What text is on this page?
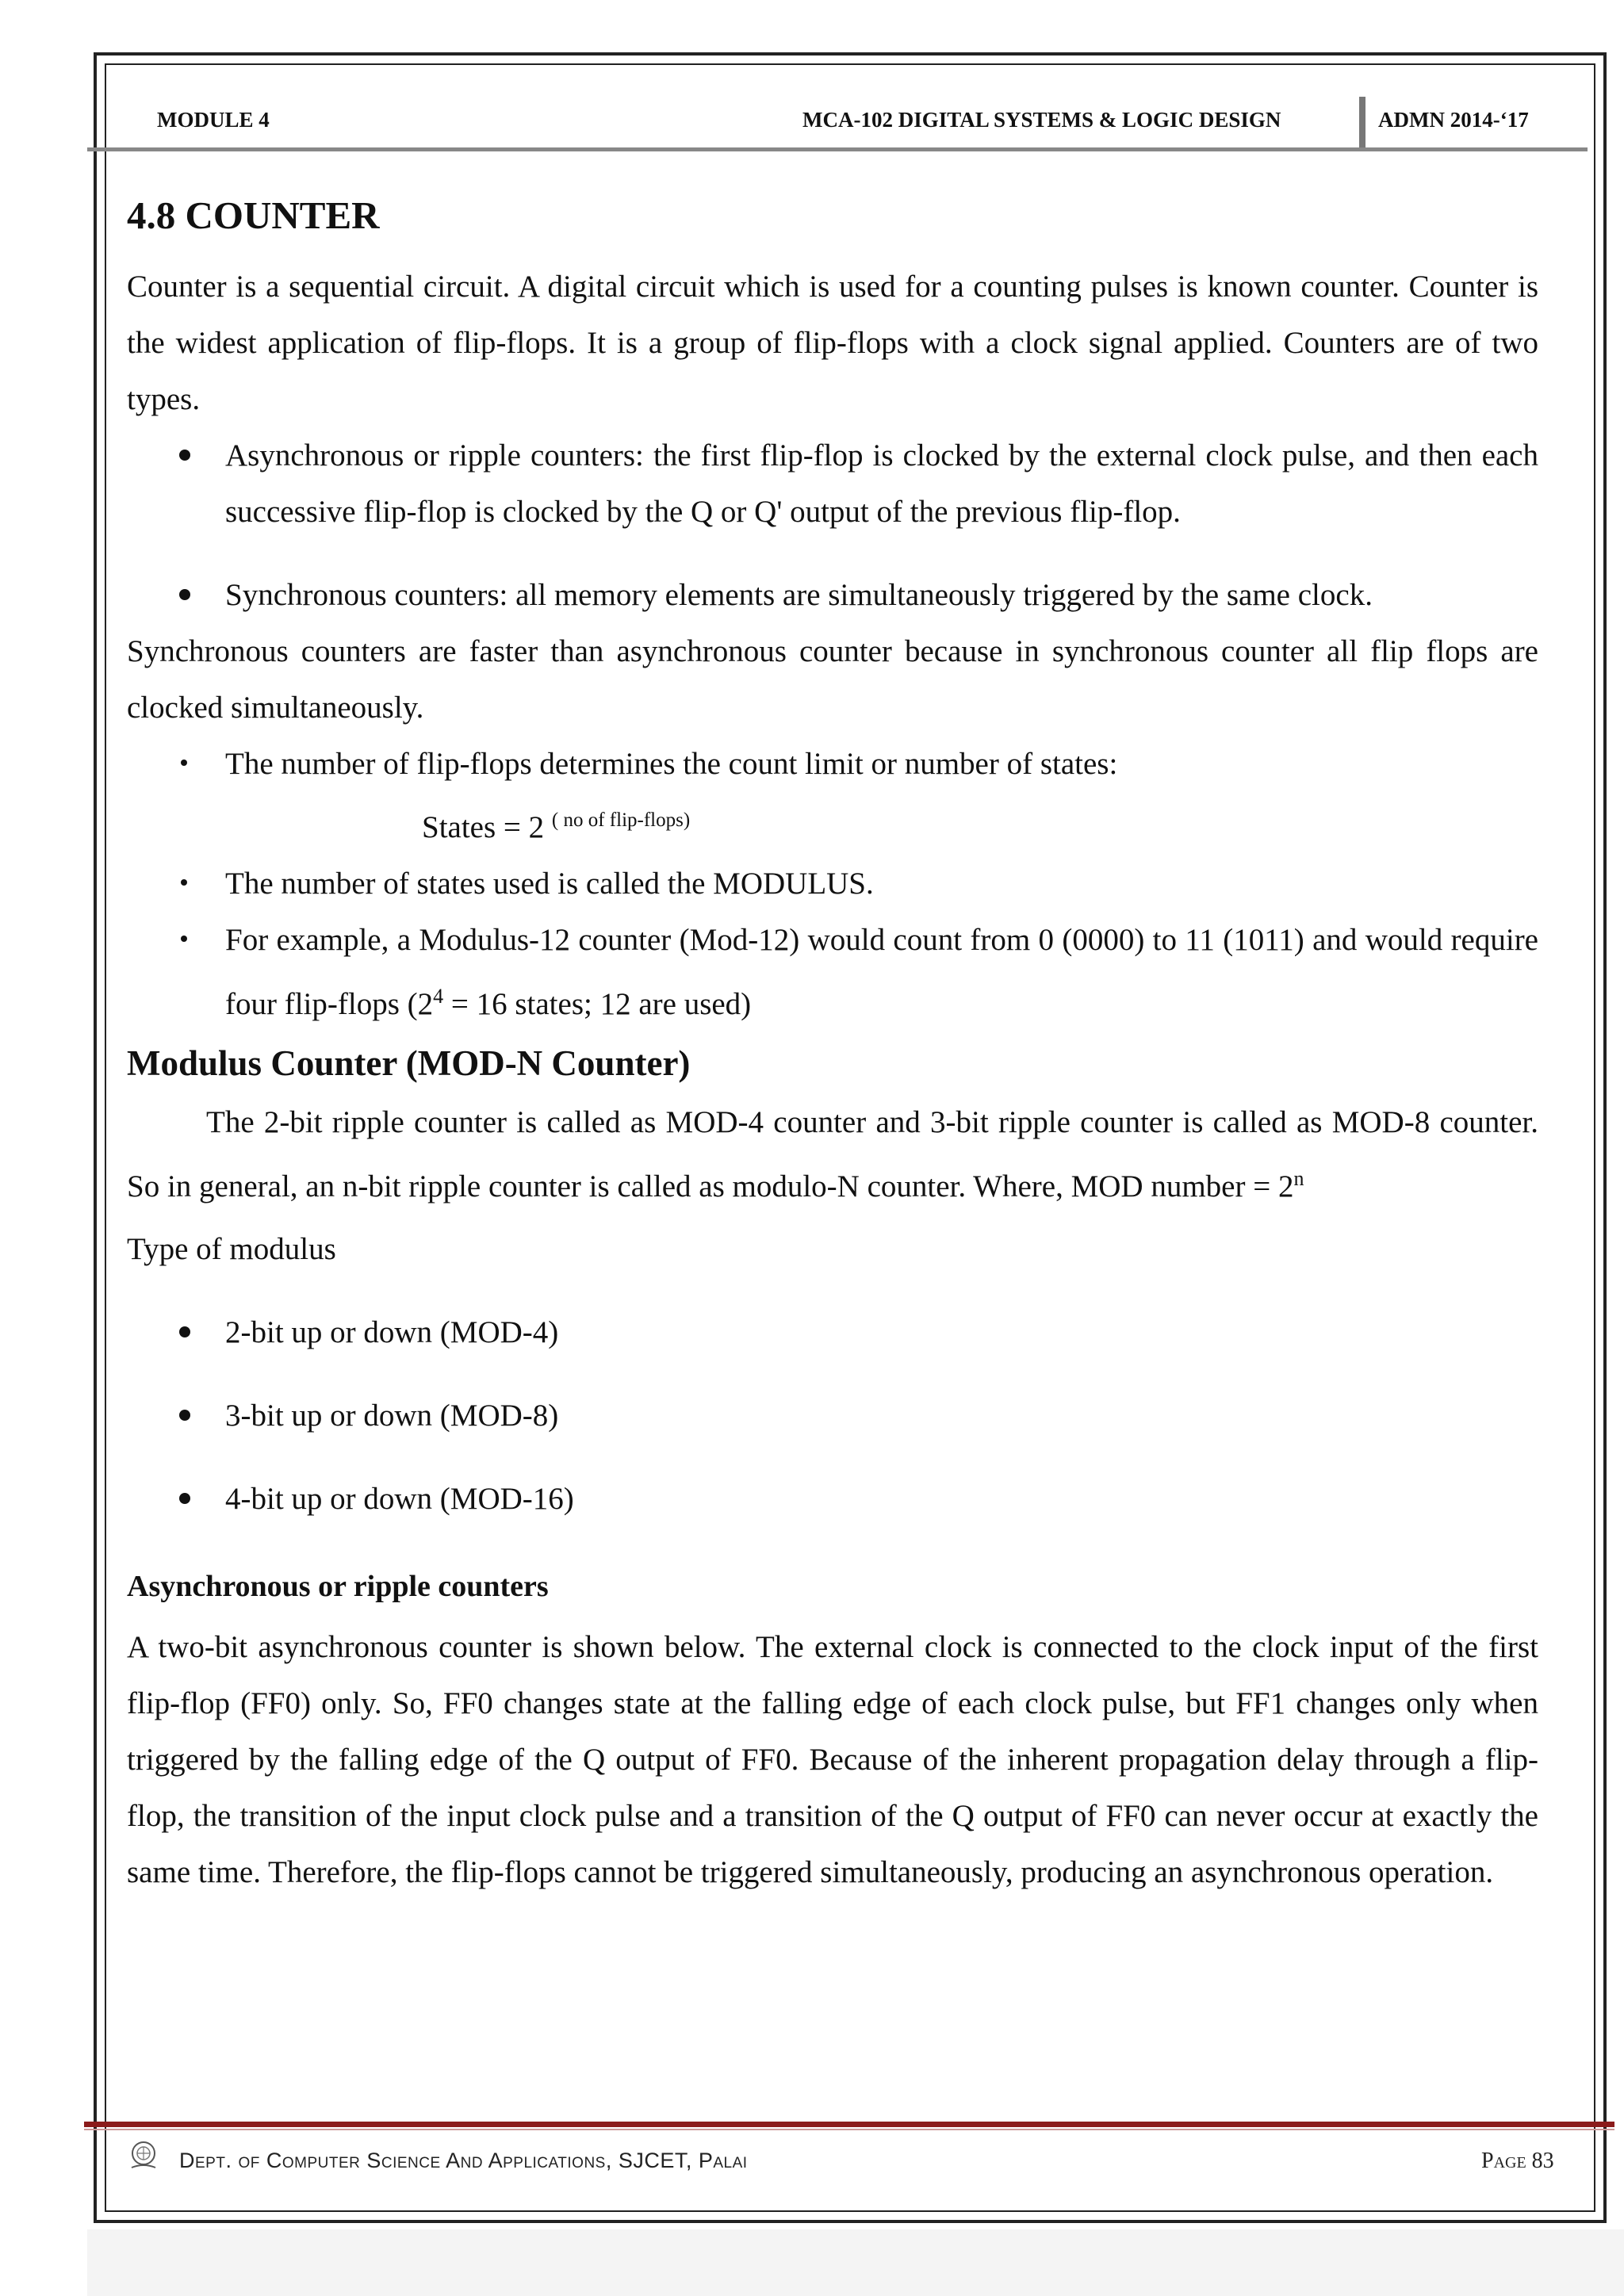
MODULE 4	MCA-102 DIGITAL SYSTEMS & LOGIC DESIGN	ADMN 2014-‘17
4.8 COUNTER

Counter is a sequential circuit. A digital circuit which is used for a counting pulses is known counter. Counter is the widest application of flip-flops. It is a group of flip-flops with a clock signal applied. Counters are of two types.

Asynchronous or ripple counters: the first flip-flop is clocked by the external clock pulse, and then each successive flip-flop is clocked by the Q or Q' output of the previous flip-flop.
Synchronous counters: all memory elements are simultaneously triggered by the same clock.

Synchronous counters are faster than asynchronous counter because in synchronous counter all flip flops are clocked simultaneously.

The number of flip-flops determines the count limit or number of states:
States = 2 $^{( no of flip-flops)}$
The number of states used is called the MODULUS.
For example, a Modulus-12 counter (Mod-12) would count from 0 (0000) to 11 (1011) and would require four flip-flops ($2^4 = 16$ states; 12 are used)
Modulus Counter (MOD-N Counter)

The 2-bit ripple counter is called as MOD-4 counter and 3-bit ripple counter is called as MOD-8 counter. So in general, an n-bit ripple counter is called as modulo-N counter. Where, MOD number = $2^n$

Type of modulus

2-bit up or down (MOD-4)
3-bit up or down (MOD-8)
4-bit up or down (MOD-16)
Asynchronous or ripple counters

A two-bit asynchronous counter is shown below. The external clock is connected to the clock input of the first flip-flop (FF0) only. So, FF0 changes state at the falling edge of each clock pulse, but FF1 changes only when triggered by the falling edge of the Q output of FF0. Because of the inherent propagation delay through a flip-flop, the transition of the input clock pulse and a transition of the Q output of FF0 can never occur at exactly the same time. Therefore, the flip-flops cannot be triggered simultaneously, producing an asynchronous operation.

Dept. of Computer Science And Applications, SJCET, Palai	Page 83
